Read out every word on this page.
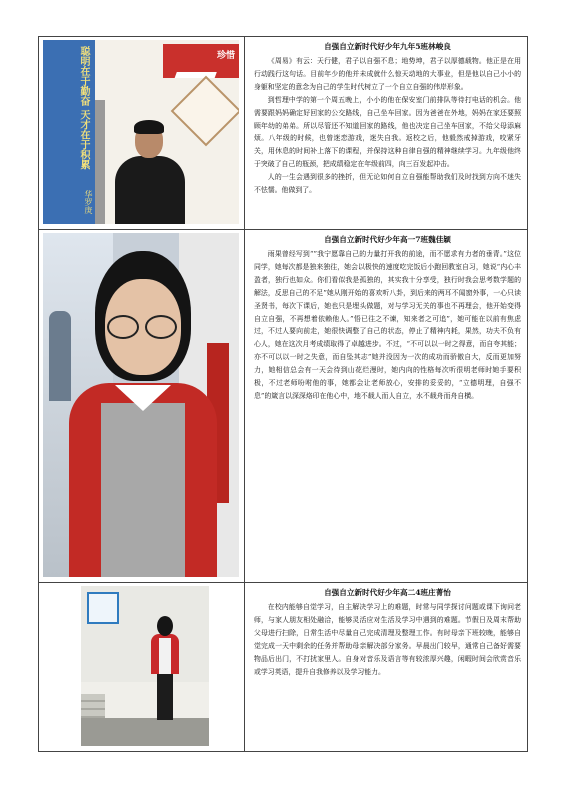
聪明在于勤奋 天才在于积累	珍惜
华罗庚
自强自立新时代好少年九年5班林峻良

《周易》有云：天行健，君子以自强不息；地势坤，君子以厚德载物。他正是在用行动践行这句话。目前年少的他并未成就什么惊天动地的大事业，但是他以自己小小的身躯和坚定的意念为自己的学生时代树立了一个自立自强的伟岸形象。

到哲理中学的第一个周五晚上，小小的他在保安室门前排队等待打电话的机会。他需要跟妈妈确定好回家的公交路线，自己坐车回家。因为爸爸在外地，妈妈在家还要照顾年幼的弟弟。所以尽管还不知道回家的路线，他也决定自己坐车回家，不给父母添麻烦。八年级的时候，也曾迷恋游戏，迷失自我。返校之后，他毅然戒掉游戏，咬紧牙关，用休息的时间补上落下的课程，并保持这种自律自强的精神继续学习。九年级他终于突破了自己的瓶颈，把成绩稳定在年级前四，向三百发起冲击。

人的一生会遇到很多的挫折，但无论如何自立自强能帮助我们及时找到方向不迷失不怯懦。他做到了。

自强自立新时代好少年高一7班魏佳颖

雨果曾经写到“”我宁愿靠自己的力量打开我的前途，而不愿求有力者的垂青。”这位同学，她每次都是独来独往，她会以极快的速度吃完饭后小跑回教室自习，她说“内心丰盈者，独行也如众。你们看似我是孤独的，其实我十分享受，独行时我会思考数学题的解法，反思自己的不足”她从刚开始的喜欢听八卦，到后来的两耳不闻窗外事，一心只读圣贤书，每次下课后，她也只是埋头做题，对与学习无关的事也不再理会，他开始变得自立自强，不再想着依赖他人。”悟已往之不谏，知来者之可追”，她可能在以前有焦虑过，不过人要向前走，她很快调整了自己的状态，停止了精神内耗，果然，功夫不负有心人，她在这次月考成绩取得了卓越进步。不过，“不可以以一时之得意，而自夸其能；亦不可以以一时之失意，而自坠其志”她并没因为一次的成功而骄傲自大，反而更加努力，她相信总会有一天会待到山花烂漫时，她内向的性格每次听很明老师时她手要积极，不过老师吩咐他的事，她都会让老师放心，安排的妥妥的，“立德明理，自强不息”的箴言以深深烙印在他心中，地不载人而人自立，水不载舟而舟自横。

自强自立新时代好少年高二4班庄菁怡

在校内能够自觉学习，自主解决学习上的难题，时常与同学探讨问题或课下询问老师，与家人朋友相处融洽，能够灵活应对生活及学习中遇到的难题。节假日及周末帮助父母进行扫除，日常生活中尽量自己完成清理及整理工作。有时母亲下班较晚，能够自觉完成一天中剩余的任务并帮助母亲解决部分家务。早晨出门较早，通常自己备好需要物品后出门，不打扰家里人。自身对音乐及语言等有较浓厚兴趣，闲暇时间会欣赏音乐或学习英语，提升自我修养以及学习能力。
